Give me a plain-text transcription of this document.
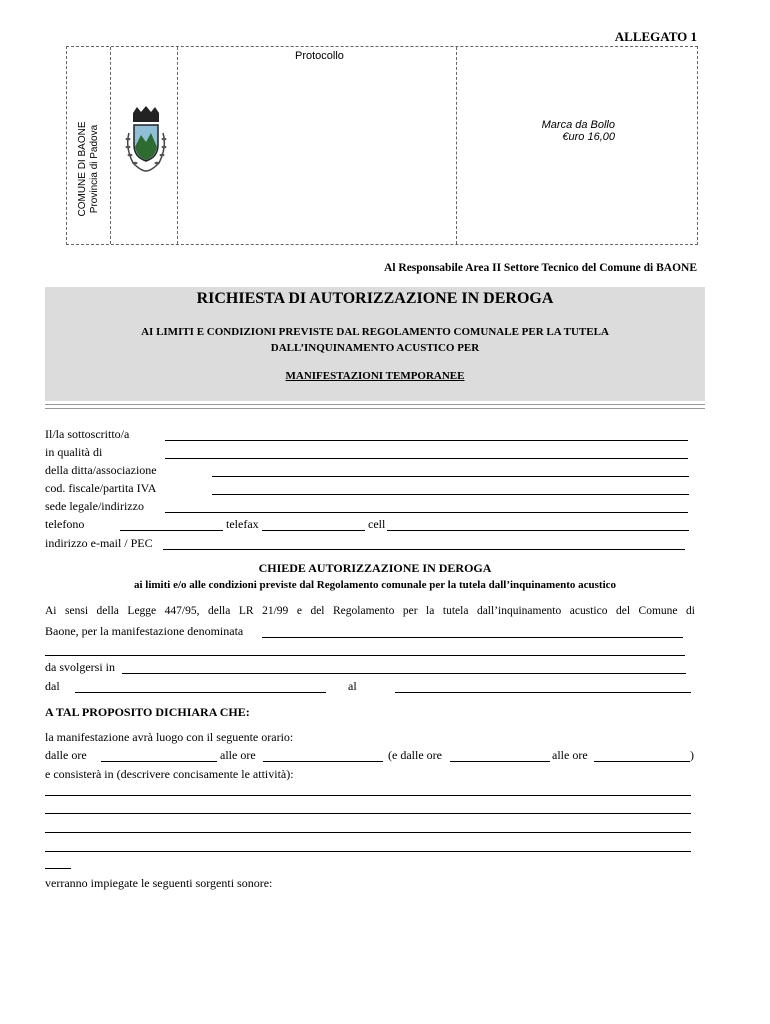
ALLEGATO 1
COMUNE DI BAONE Provincia di Padova
Protocollo
Marca da Bollo
€uro 16,00
Al Responsabile Area II Settore Tecnico del Comune di BAONE
RICHIESTA DI AUTORIZZAZIONE IN DEROGA
AI LIMITI E CONDIZIONI PREVISTE DAL REGOLAMENTO COMUNALE PER LA TUTELA
DALL’INQUINAMENTO ACUSTICO PER
MANIFESTAZIONI TEMPORANEE
Il/la sottoscritto/a
in qualità di
della ditta/associazione
cod. fiscale/partita IVA
sede legale/indirizzo
telefono	telefax	cell
indirizzo e-mail / PEC
CHIEDE AUTORIZZAZIONE IN DEROGA
ai limiti e/o alle condizioni previste dal Regolamento comunale per la tutela dall’inquinamento acustico
Ai sensi della Legge 447/95, della LR 21/99 e del Regolamento per la tutela dall’inquinamento acustico del Comune di
Baone, per la manifestazione denominata
da svolgersi in
dal	al
A TAL PROPOSITO DICHIARA CHE:
la manifestazione avrà luogo con il seguente orario:
dalle ore	alle ore	(e dalle ore	alle ore	)
e consisterà in (descrivere concisamente le attività):
verranno impiegate le seguenti sorgenti sonore:
